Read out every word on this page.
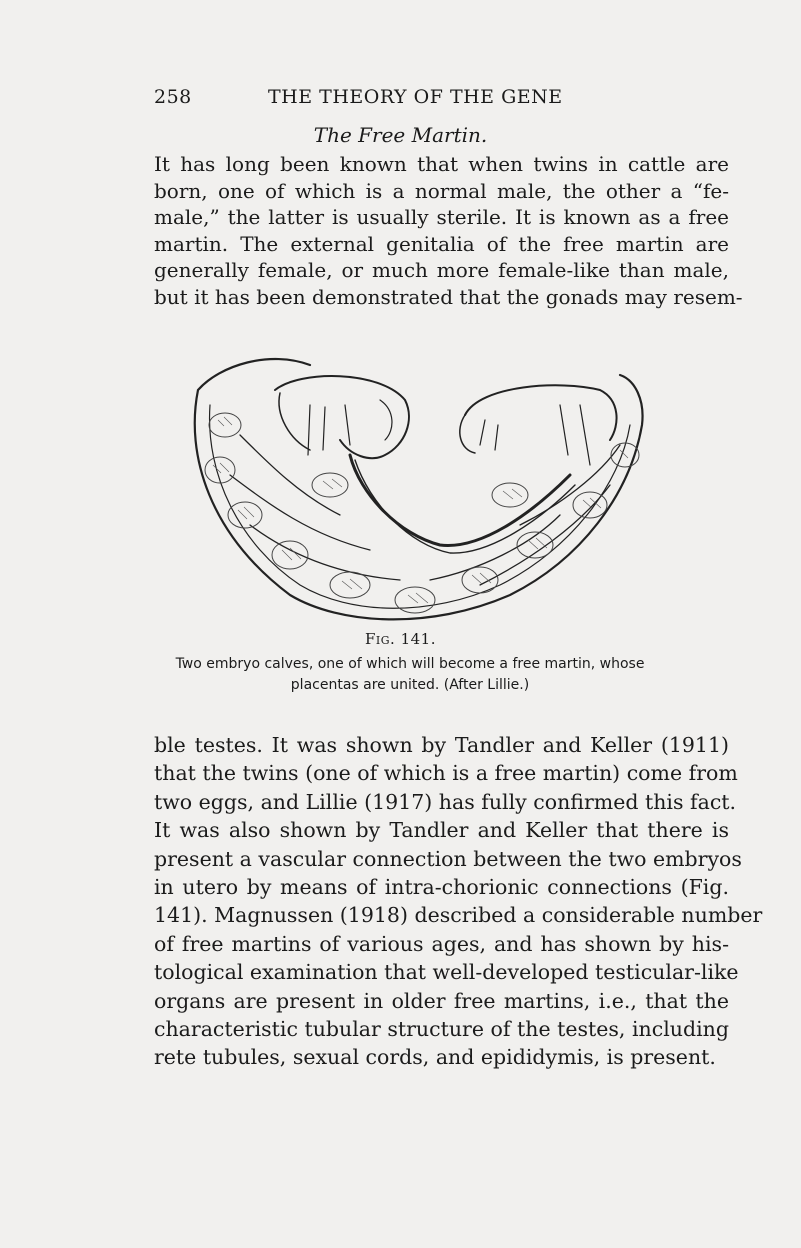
258	THE THEORY OF THE GENE
The Free Martin.

It has long been known that when twins in cattle are
born, one of which is a normal male, the other a “fe-
male,” the latter is usually sterile. It is known as a free
martin. The external genitalia of the free martin are
generally female, or much more female-like than male,
but it has been demonstrated that the gonads may resem-

Fig. 141.
Two embryo calves, one of which will become a free martin, whose
placentas are united. (After Lillie.)

ble testes. It was shown by Tandler and Keller (1911)
that the twins (one of which is a free martin) come from
two eggs, and Lillie (1917) has fully confirmed this fact.
It was also shown by Tandler and Keller that there is
present a vascular connection between the two embryos
in utero by means of intra-chorionic connections (Fig.
141). Magnussen (1918) described a considerable number
of free martins of various ages, and has shown by his-
tological examination that well-developed testicular-like
organs are present in older free martins, i.e., that the
characteristic tubular structure of the testes, including
rete tubules, sexual cords, and epididymis, is present.
